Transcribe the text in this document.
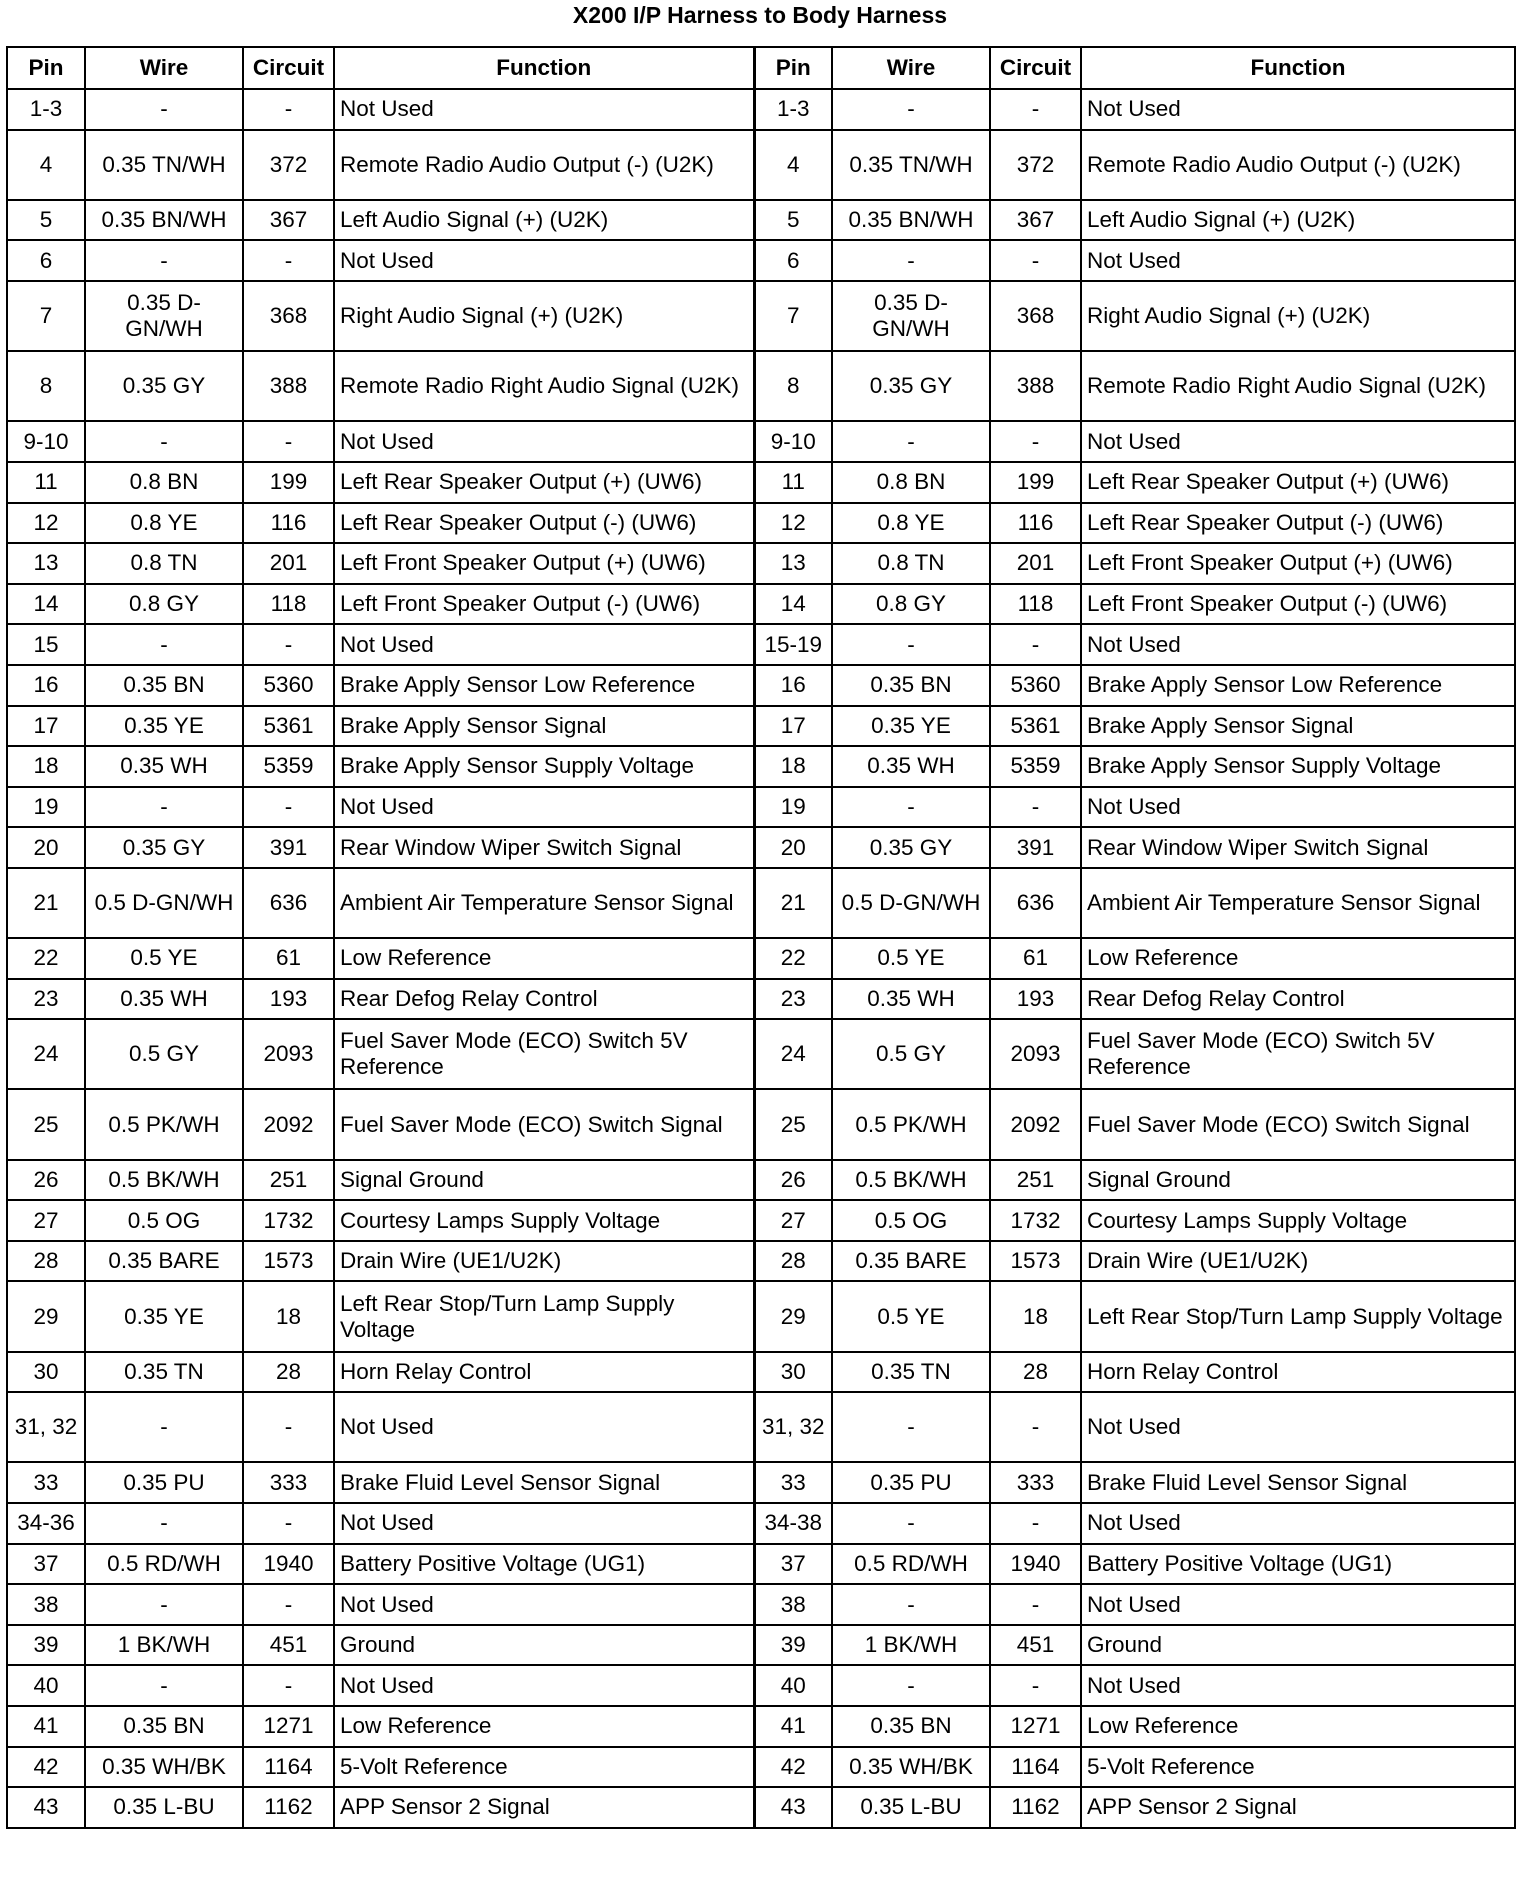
X200 I/P Harness to Body Harness
Pin	Wire	Circuit	Function	Pin	Wire	Circuit	Function
1-3	-	-	Not Used	1-3	-	-	Not Used
4	0.35 TN/WH	372	Remote Radio Audio Output (-) (U2K)	4	0.35 TN/WH	372	Remote Radio Audio Output (-) (U2K)
5	0.35 BN/WH	367	Left Audio Signal (+) (U2K)	5	0.35 BN/WH	367	Left Audio Signal (+) (U2K)
6	-	-	Not Used	6	-	-	Not Used
7	0.35 D-GN/WH	368	Right Audio Signal (+) (U2K)	7	0.35 D-GN/WH	368	Right Audio Signal (+) (U2K)
8	0.35 GY	388	Remote Radio Right Audio Signal (U2K)	8	0.35 GY	388	Remote Radio Right Audio Signal (U2K)
9-10	-	-	Not Used	9-10	-	-	Not Used
11	0.8 BN	199	Left Rear Speaker Output (+) (UW6)	11	0.8 BN	199	Left Rear Speaker Output (+) (UW6)
12	0.8 YE	116	Left Rear Speaker Output (-) (UW6)	12	0.8 YE	116	Left Rear Speaker Output (-) (UW6)
13	0.8 TN	201	Left Front Speaker Output (+) (UW6)	13	0.8 TN	201	Left Front Speaker Output (+) (UW6)
14	0.8 GY	118	Left Front Speaker Output (-) (UW6)	14	0.8 GY	118	Left Front Speaker Output (-) (UW6)
15	-	-	Not Used	15-19	-	-	Not Used
16	0.35 BN	5360	Brake Apply Sensor Low Reference	16	0.35 BN	5360	Brake Apply Sensor Low Reference
17	0.35 YE	5361	Brake Apply Sensor Signal	17	0.35 YE	5361	Brake Apply Sensor Signal
18	0.35 WH	5359	Brake Apply Sensor Supply Voltage	18	0.35 WH	5359	Brake Apply Sensor Supply Voltage
19	-	-	Not Used	19	-	-	Not Used
20	0.35 GY	391	Rear Window Wiper Switch Signal	20	0.35 GY	391	Rear Window Wiper Switch Signal
21	0.5 D-GN/WH	636	Ambient Air Temperature Sensor Signal	21	0.5 D-GN/WH	636	Ambient Air Temperature Sensor Signal
22	0.5 YE	61	Low Reference	22	0.5 YE	61	Low Reference
23	0.35 WH	193	Rear Defog Relay Control	23	0.35 WH	193	Rear Defog Relay Control
24	0.5 GY	2093	Fuel Saver Mode (ECO) Switch 5V Reference	24	0.5 GY	2093	Fuel Saver Mode (ECO) Switch 5V Reference
25	0.5 PK/WH	2092	Fuel Saver Mode (ECO) Switch Signal	25	0.5 PK/WH	2092	Fuel Saver Mode (ECO) Switch Signal
26	0.5 BK/WH	251	Signal Ground	26	0.5 BK/WH	251	Signal Ground
27	0.5 OG	1732	Courtesy Lamps Supply Voltage	27	0.5 OG	1732	Courtesy Lamps Supply Voltage
28	0.35 BARE	1573	Drain Wire (UE1/U2K)	28	0.35 BARE	1573	Drain Wire (UE1/U2K)
29	0.35 YE	18	Left Rear Stop/Turn Lamp Supply Voltage	29	0.5 YE	18	Left Rear Stop/Turn Lamp Supply Voltage
30	0.35 TN	28	Horn Relay Control	30	0.35 TN	28	Horn Relay Control
31, 32	-	-	Not Used	31, 32	-	-	Not Used
33	0.35 PU	333	Brake Fluid Level Sensor Signal	33	0.35 PU	333	Brake Fluid Level Sensor Signal
34-36	-	-	Not Used	34-38	-	-	Not Used
37	0.5 RD/WH	1940	Battery Positive Voltage (UG1)	37	0.5 RD/WH	1940	Battery Positive Voltage (UG1)
38	-	-	Not Used	38	-	-	Not Used
39	1 BK/WH	451	Ground	39	1 BK/WH	451	Ground
40	-	-	Not Used	40	-	-	Not Used
41	0.35 BN	1271	Low Reference	41	0.35 BN	1271	Low Reference
42	0.35 WH/BK	1164	5-Volt Reference	42	0.35 WH/BK	1164	5-Volt Reference
43	0.35 L-BU	1162	APP Sensor 2 Signal	43	0.35 L-BU	1162	APP Sensor 2 Signal
